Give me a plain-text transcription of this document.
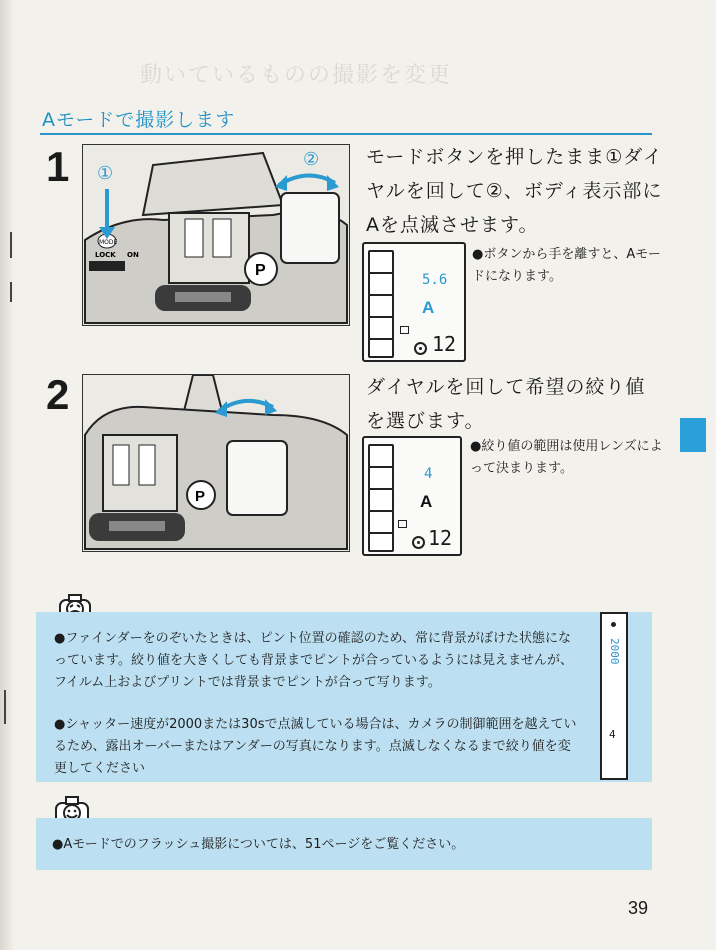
動いているものの撮影を変更
Aモードで撮影します
1
P
MODE
LOCK ON
①
② モードボタンを押したまま①ダイヤルを回して②、ボディ表示部にAを点滅させます。
5.6
A
12
●ボタンから手を離すと、Aモードになります。
2
P
ダイヤルを回して希望の絞り値を選びます。
4
A
12
●絞り値の範囲は使用レンズによって決まります。
●ファインダーをのぞいたときは、ピント位置の確認のため、常に背景がぼけた状態になっています。絞り値を大きくしても背景までピントが合っているようには見えませんが、フイルム上およびプリントでは背景までピントが合って写ります。
●シャッター速度が2000または30sで点滅している場合は、カメラの制御範囲を越えているため、露出オーバーまたはアンダーの写真になります。点滅しなくなるまで絞り値を変更してください
2000
4
●Aモードでのフラッシュ撮影については、51ページをご覧ください。
39
